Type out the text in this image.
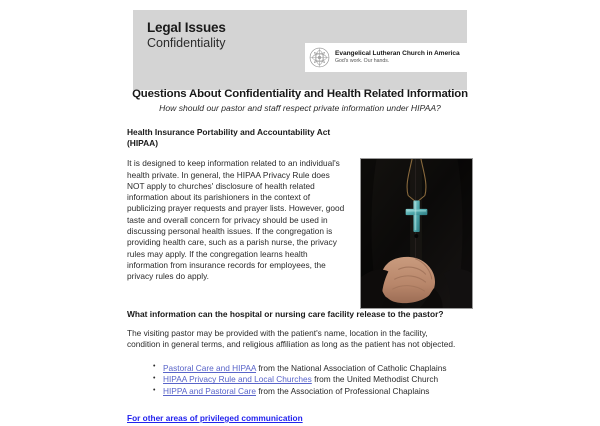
Legal Issues
Confidentiality
Evangelical Lutheran Church in America
God's work. Our hands.
Questions About Confidentiality and Health Related Information

How should our pastor and staff respect private information under HIPAA?

Health Insurance Portability and Accountability Act (HIPAA)

It is designed to keep information related to an individual's health private. In general, the HIPAA Privacy Rule does NOT apply to churches' disclosure of health related information about its parishioners in the context of publicizing prayer requests and prayer lists. However, good taste and overall concern for privacy should be used in discussing personal health issues. If the congregation is providing health care, such as a parish nurse, the privacy rules may apply. If the congregation learns health information from insurance records for employees, the privacy rules do apply.

What information can the hospital or nursing care facility release to the pastor?

The visiting pastor may be provided with the patient's name, location in the facility, condition in general terms, and religious affiliation as long as the patient has not objected.

• Pastoral Care and HIPAA from the National Association of Catholic Chaplains
• HIPAA Privacy Rule and Local Churches from the United Methodist Church
• HIPPA and Pastoral Care from the Association of Professional Chaplains
For other areas of privileged communication
